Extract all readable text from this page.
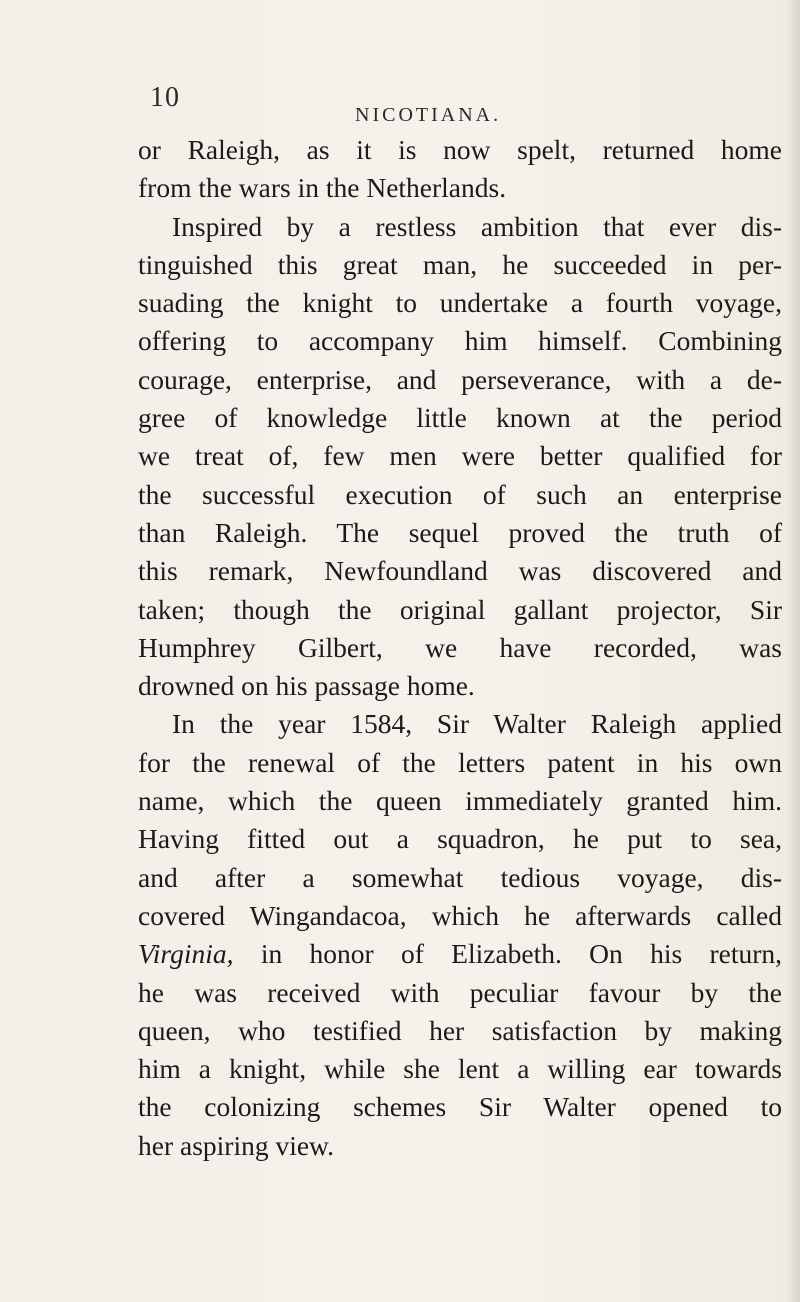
10
NICOTIANA.
or Raleigh, as it is now spelt, returned home
from the wars in the Netherlands.
Inspired by a restless ambition that ever dis-
tinguished this great man, he succeeded in per-
suading the knight to undertake a fourth voyage,
offering to accompany him himself. Combining
courage, enterprise, and perseverance, with a de-
gree of knowledge little known at the period
we treat of, few men were better qualified for
the successful execution of such an enterprise
than Raleigh. The sequel proved the truth of
this remark, Newfoundland was discovered and
taken; though the original gallant projector, Sir
Humphrey Gilbert, we have recorded, was
drowned on his passage home.
In the year 1584, Sir Walter Raleigh applied
for the renewal of the letters patent in his own
name, which the queen immediately granted him.
Having fitted out a squadron, he put to sea,
and after a somewhat tedious voyage, dis-
covered Wingandacoa, which he afterwards called
Virginia, in honor of Elizabeth. On his return,
he was received with peculiar favour by the
queen, who testified her satisfaction by making
him a knight, while she lent a willing ear towards
the colonizing schemes Sir Walter opened to
her aspiring view.
